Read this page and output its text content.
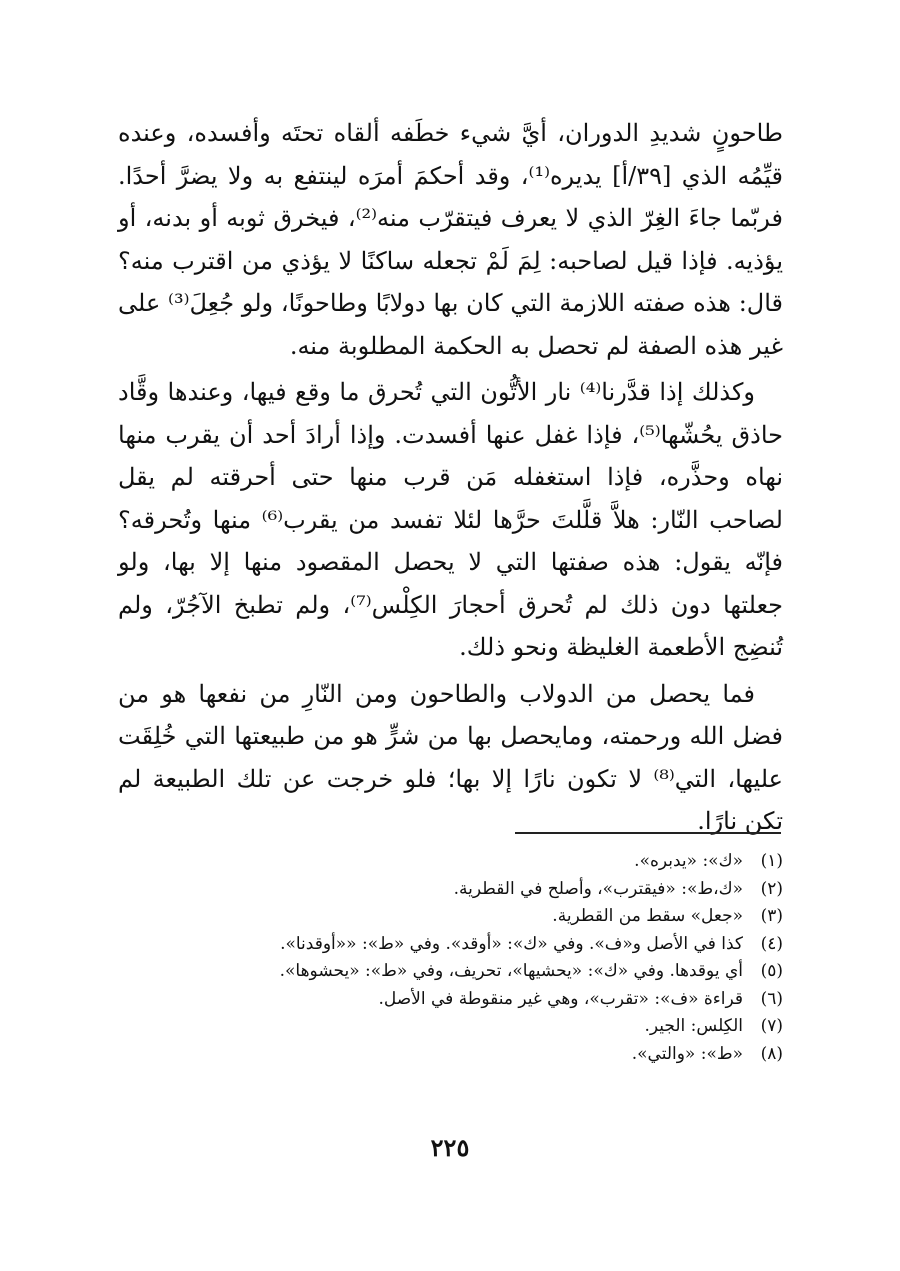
طاحونٍ شديدِ الدوران، أيَّ شيء خطَفه ألقاه تحتَه وأفسده، وعنده قيِّمُه الذي [٣٩/أ] يديره⁽¹⁾، وقد أحكمَ أمرَه لينتفع به ولا يضرَّ أحدًا. فربّما جاءَ الغِرّ الذي لا يعرف فيتقرّب منه⁽²⁾، فيخرق ثوبه أو بدنه، أو يؤذيه. فإذا قيل لصاحبه: لِمَ لَمْ تجعله ساكنًا لا يؤذي من اقترب منه؟ قال: هذه صفته اللازمة التي كان بها دولابًا وطاحونًا، ولو جُعِلَ⁽³⁾ على غير هذه الصفة لم تحصل به الحكمة المطلوبة منه.

وكذلك إذا قدَّرنا⁽⁴⁾ نار الأتُّون التي تُحرق ما وقع فيها، وعندها وقَّاد حاذق يحُشّها⁽⁵⁾، فإذا غفل عنها أفسدت. وإذا أرادَ أحد أن يقرب منها نهاه وحذَّره، فإذا استغفله مَن قرب منها حتى أحرقته لم يقل لصاحب النّار: هلاَّ قلَّلتَ حرَّها لئلا تفسد من يقرب⁽⁶⁾ منها وتُحرقه؟ فإنّه يقول: هذه صفتها التي لا يحصل المقصود منها إلا بها، ولو جعلتها دون ذلك لم تُحرق أحجارَ الكِلْس⁽⁷⁾، ولم تطبخ الآجُرّ، ولم تُنضِج الأطعمة الغليظة ونحو ذلك.

فما يحصل من الدولاب والطاحون ومن النّارِ من نفعها هو من فضل الله ورحمته، ومايحصل بها من شرٍّ هو من طبيعتها التي خُلِقَت عليها، التي⁽⁸⁾ لا تكون نارًا إلا بها؛ فلو خرجت عن تلك الطبيعة لم تكن نارًا.

(١)
«ك»: «يدبره».
(٢)
«ك،ط»: «فيقترب»، وأصلح في القطرية.
(٣)
«جعل» سقط من القطرية.
(٤)
كذا في الأصل و«ف». وفي «ك»: «أوقد». وفي «ط»: ««أوقدنا».
(٥)
أي يوقدها. وفي «ك»: «يحشيها»، تحريف، وفي «ط»: «يحشوها».
(٦)
قراءة «ف»: «تقرب»، وهي غير منقوطة في الأصل.
(٧)
الكِلس: الجير.
(٨)
«ط»: «والتي».
٢٢٥
